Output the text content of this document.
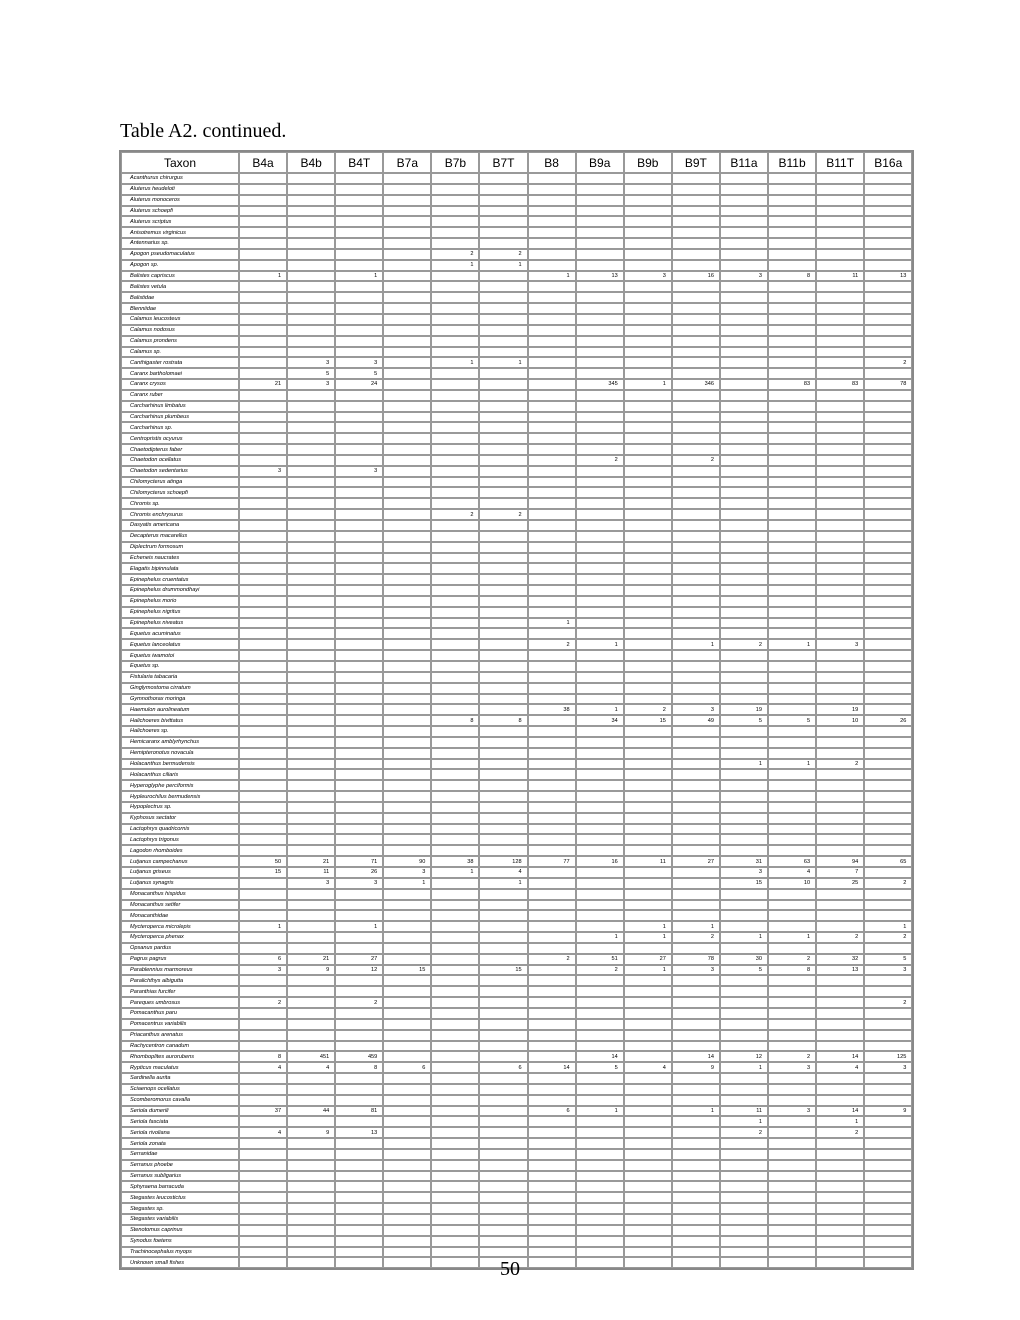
Table A2. continued.
Taxon	B4a	B4b	B4T	B7a	B7b	B7T	B8	B9a	B9b	B9T	B11a	B11b	B11T	B16a
Acanthurus chirurgus														
Aluterus heudeloti														
Aluterus monoceros														
Aluterus schoepfi														
Aluterus scriptus														
Anisotremus virginicus														
Antennarius sp.														
Apogon pseudomaculatus					2	2								
Apogon sp.					1	1								
Balistes capriscus	1		1				1	13	3	16	3	8	11	13
Balistes vetula														
Balistidae														
Blenniidae														
Calamus leucosteus														
Calamus nodosus														
Calamus prondens														
Calamus sp.														
Canthigaster rostrata		3	3		1	1								2
Caranx bartholomaei		5	5											
Caranx crysos	21	3	24					345	1	346		83	83	78
Caranx ruber														
Carcharhinus limbatus														
Carcharhinus plumbeus														
Carcharhinus sp.														
Centropristis ocyurus														
Chaetodipterus faber														
Chaetodon ocellatus								2		2				
Chaetodon sedentarius	3		3											
Chilomycterus atinga														
Chilomycterus schoepfi														
Chromis sp.														
Chromis enchrysurus					2	2								
Dasyatis americana														
Decapterus macarellus														
Diplectrum formosum														
Echeneis naucrates														
Elagatis bipinnulata														
Epinephelus cruentatus														
Epinephelus drummondhayi														
Epinephelus morio														
Epinephelus nigritus														
Epinephelus niveatus							1							
Equetus acuminatus														
Equetus lanceolatus							2	1		1	2	1	3	
Equetus iwamotoi														
Equetus sp.														
Fistularia tabacaria														
Ginglymostoma cirratum														
Gymnothorax moringa														
Haemulon aurolineatum							38	1	2	3	19		19	
Halichoeres bivittatus					8	8		34	15	49	5	5	10	26
Halichoeres sp.														
Hemicaranx amblyrhynchus														
Hemipteronotus novacula														
Holacanthus bermudensis											1	1	2	
Holacanthus ciliaris														
Hyperoglyphe perciformis														
Hypleurochilus bermudensis														
Hypoplectrus sp.														
Kyphosus sectator														
Lactophrys quadricornis														
Lactophrys trigonus														
Lagodon rhomboides														
Lutjanus campechanus	50	21	71	90	38	128	77	16	11	27	31	63	94	65
Lutjanus griseus	15	11	26	3	1	4					3	4	7	
Lutjanus synagris		3	3	1		1					15	10	25	2
Monacanthus hispidus														
Monacanthus setifer														
Monacanthidae														
Mycteroperca microlepis	1		1						1	1				1
Mycteroperca phenax								1	1	2	1	1	2	2
Opsanus pardus														
Pagrus pagrus	6	21	27				2	51	27	78	30	2	32	5
Parablennius marmoreus	3	9	12	15		15		2	1	3	5	8	13	3
Paralichthys albigutta														
Paranthias furcifer														
Pareques umbrosus	2		2											2
Pomacanthus paru														
Pomacentrus variabilis														
Priacanthus arenatus														
Rachycentron canadum														
Rhomboplites aurorubens	8	451	459					14		14	12	2	14	125
Rypticus maculatus	4	4	8	6		6	14	5	4	9	1	3	4	3
Sardinella aurita														
Sciaenops ocellatus														
Scomberomorus cavalla														
Seriola dumerili	37	44	81				6	1		1	11	3	14	9
Seriola fasciata											1		1	
Seriola rivoliana	4	9	13								2		2	
Seriola zonata														
Serranidae														
Serranus phoebe														
Serranus subligarius														
Sphyraena barracuda														
Stegastes leucostictus														
Stegastes sp.														
Stegastes variabilis														
Stenotomus caprinus														
Synodus foetens														
Trachinocephalus myops														
Unknown small fishes															50
